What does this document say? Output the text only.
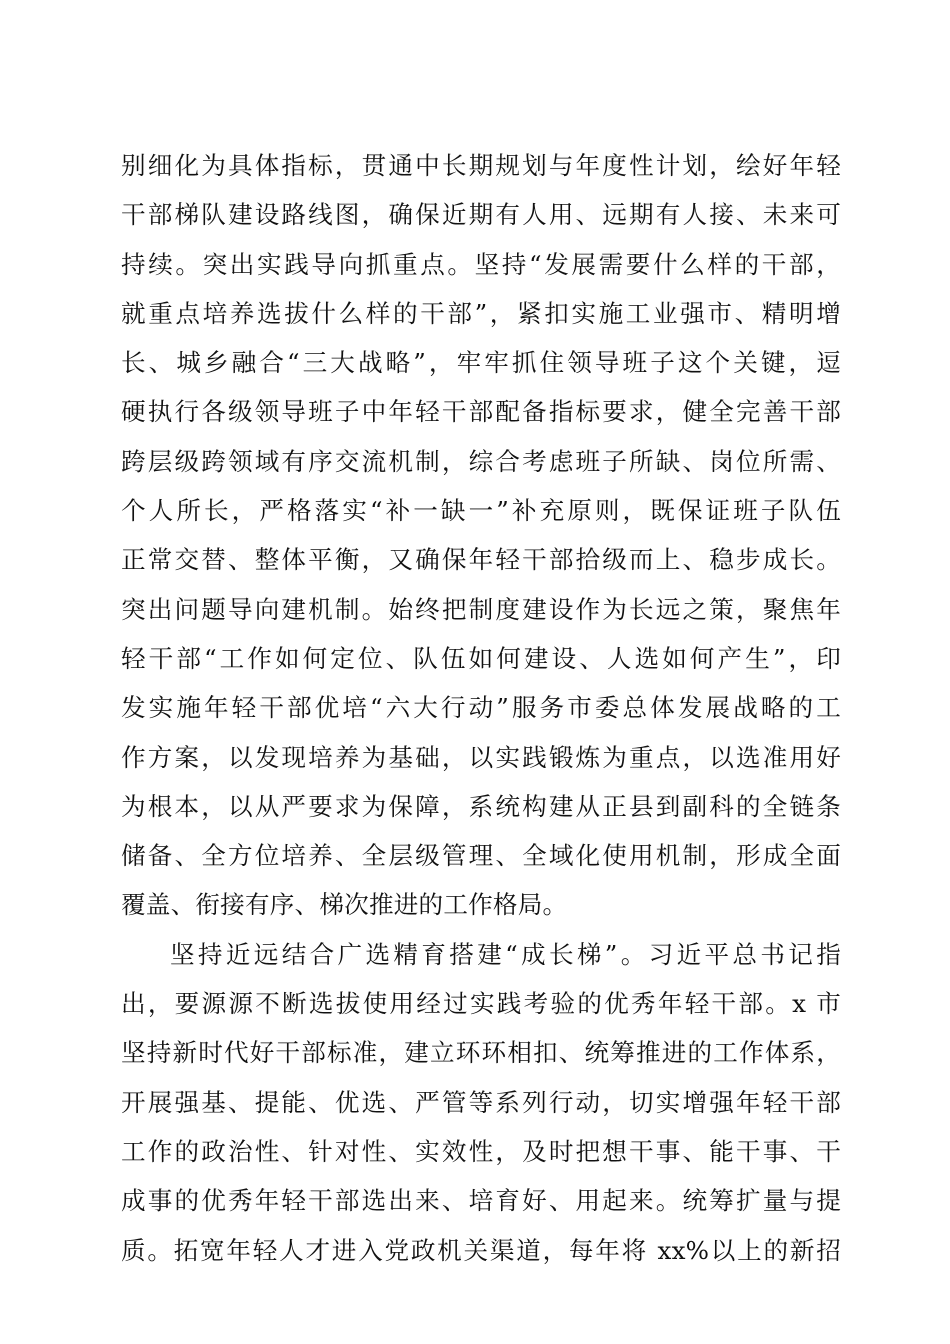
别细化为具体指标，贯通中长期规划与年度性计划，绘好年轻
干部梯队建设路线图，确保近期有人用、远期有人接、未来可
持续。突出实践导向抓重点。坚持“发展需要什么样的干部，
就重点培养选拔什么样的干部”，紧扣实施工业强市、精明增
长、城乡融合“三大战略”，牢牢抓住领导班子这个关键，逗
硬执行各级领导班子中年轻干部配备指标要求，健全完善干部
跨层级跨领域有序交流机制，综合考虑班子所缺、岗位所需、
个人所长，严格落实“补一缺一”补充原则，既保证班子队伍
正常交替、整体平衡，又确保年轻干部拾级而上、稳步成长。
突出问题导向建机制。始终把制度建设作为长远之策，聚焦年
轻干部“工作如何定位、队伍如何建设、人选如何产生”，印
发实施年轻干部优培“六大行动”服务市委总体发展战略的工
作方案，以发现培养为基础，以实践锻炼为重点，以选准用好
为根本，以从严要求为保障，系统构建从正县到副科的全链条
储备、全方位培养、全层级管理、全域化使用机制，形成全面
覆盖、衔接有序、梯次推进的工作格局。
坚持近远结合广选精育搭建“成长梯”。习近平总书记指
出，要源源不断选拔使用经过实践考验的优秀年轻干部。x 市
坚持新时代好干部标准，建立环环相扣、统筹推进的工作体系，
开展强基、提能、优选、严管等系列行动，切实增强年轻干部
工作的政治性、针对性、实效性，及时把想干事、能干事、干
成事的优秀年轻干部选出来、培育好、用起来。统筹扩量与提
质。拓宽年轻人才进入党政机关渠道，每年将 xx%以上的新招
